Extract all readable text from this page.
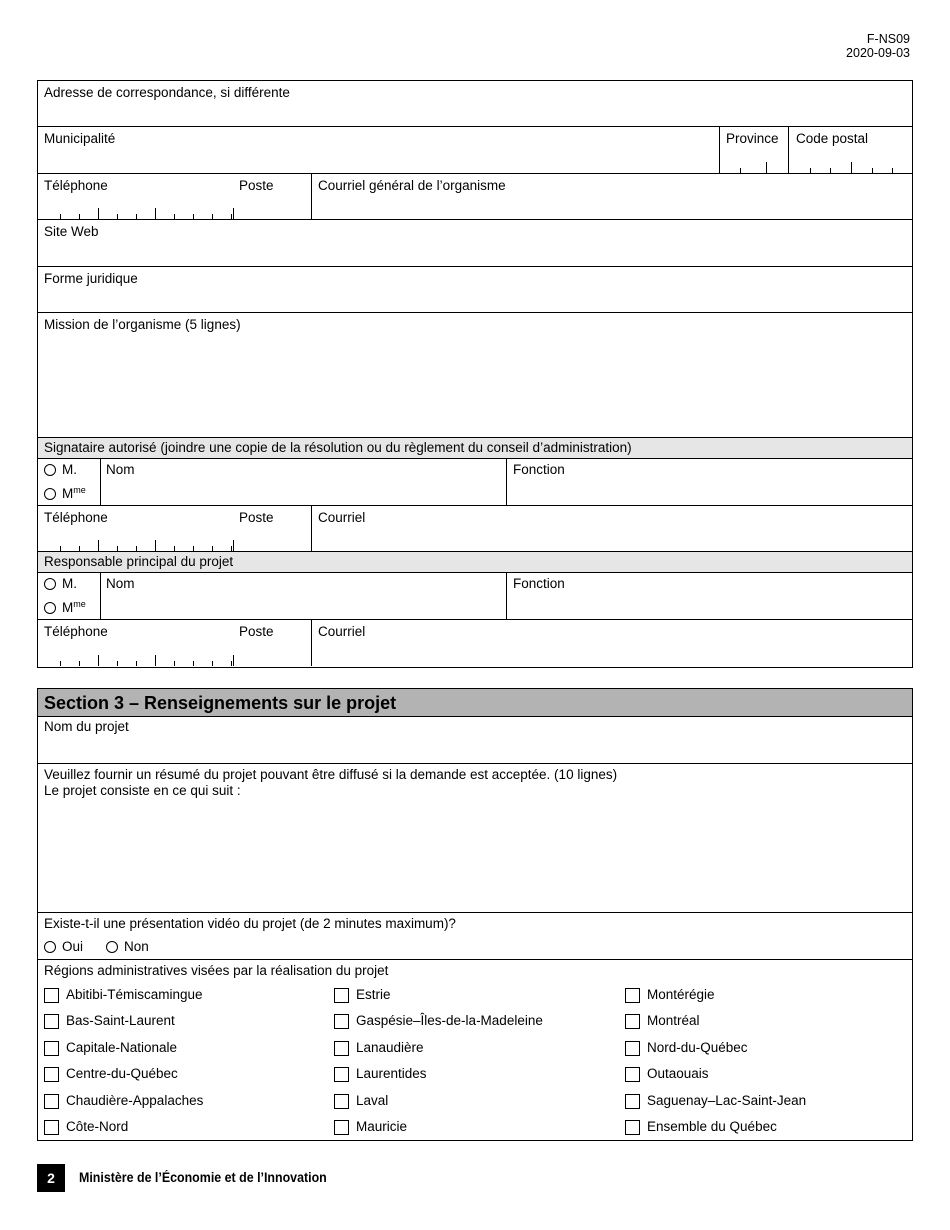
F-NS09
2020-09-03
Adresse de correspondance, si différente
Municipalité	Province Code postal
Téléphone	Poste	Courriel général de l’organisme
Site Web
Forme juridique
Mission de l’organisme (5 lignes)
Signataire autorisé (joindre une copie de la résolution ou du règlement du conseil d’administration)
M.
$M^{me}$
Nom	Fonction
Téléphone	Poste	Courriel
Responsable principal du projet
M.
$M^{me}$
Nom	Fonction
Téléphone	Poste	Courriel
Section 3 – Renseignements sur le projet
Nom du projet
Veuillez fournir un résumé du projet pouvant être diffusé si la demande est acceptée. (10 lignes)
Le projet consiste en ce qui suit :
Existe-t-il une présentation vidéo du projet (de 2 minutes maximum)?
Oui	Non
Régions administratives visées par la réalisation du projet
Abitibi-Témiscamingue	Estrie	Montérégie
Bas-Saint-Laurent	Gaspésie–Îles-de-la-Madeleine	Montréal
Capitale-Nationale	Lanaudière	Nord-du-Québec
Centre-du-Québec	Laurentides	Outaouais
Chaudière-Appalaches	Laval	Saguenay–Lac-Saint-Jean
Côte-Nord	Mauricie	Ensemble du Québec
2	Ministère de l’Économie et de l’Innovation
